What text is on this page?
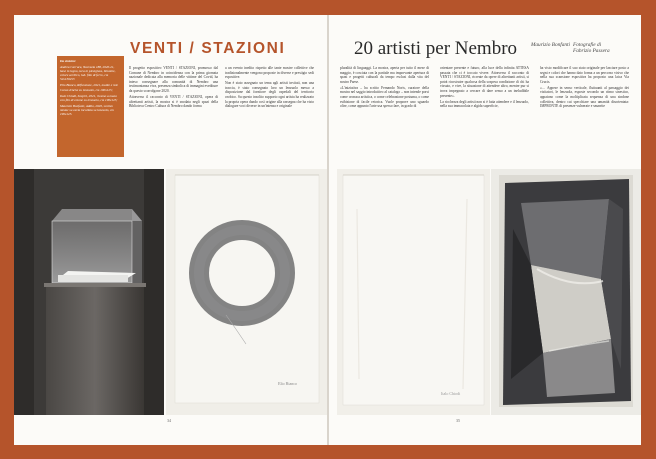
Da sinistra:

Andrea Carrara, Nacrazia 188, 2020-21, base in legno, teca in plexiglass, bitumite, colore acrilico, lab. film di ferro, cm 52x130x53

Elio Bianco, Riflessione, 2021, matite e rete Caran d'Ache su lenzuolo, cm 190x125;

Italo Chiodi, Sospiri, 2021, ricamo a mano con filo di cotone su lenzuolo, cm 190x125;

Maurizio Bonfanti, Addio, 2020, scotten mistac su carta incollata su lenzuolo, cm 190x125.

VENTI / STAZIONI	20 artisti per Nembro	Maurizio Bonfanti Fotografie di
Fabrizio Passera

Il progetto espositivo VENTI / STAZIONI, promosso dal Comune di Nembro in coincidenza con la prima giornata nazionale dedicata alla memoria delle vittime del Covid, ha inteso consegnare alla comunità di Nembro una testimonianza viva, presenza simbolica di immagini evediture da questo scorrolgone 2020.

Attraverso il racconto di VENTI / STAZIONI, opera di altrettanti artisti, la mostra si è snodata negli spazi della Biblioteca Centro Cultura di Nembro dando forma

a un evento inedito rispetto alle tante mostre collettive che tradizionalmente vengono proposte in diverse e prestigio sedi espositive.

Non è stato assegnato un tema agli artisti invitati, non una traccia, è stato consegnato loro un lenzuolo messo a disposizione dal fornitore degli ospedali del territorio orobico. Su questo insolito supporto ogni artista ha realizzato la propria opera dando così origine alla rassegna che ha visto dialogare voci diverse in un'intensa e originale

pluralità di linguaggi. La mostra, aperta per tutto il mese di maggio, è cosciata con la partiale ma imporvante apertura di spazi e progetti culturali da tempo esclusi dalla vita del nostro Paese.

«L'iniziativa – ha scritto Fernando Noris, curatore della mostra nel saggio introduttivo al catalogo – non intende porsi come cronaca artistica, o come celebrazione postuma, o come esibizione di facile retorica. Vuole proporre uno sguardo oltre, come appunto l'arte usa spesso fare, in grado di

orientare presente e futuro, alla luce della infinita ATTESA passata che ci è toccato vivere. Attraverso il racconto di VENTI / STAZIONI, ricreate da opere di altrettanti artisti, si potrà ricostruire qualcosa della sospesa condizione di chi ha vissuto, e vive, la situazione di attendere altro, mentre pur si trova impegnato a cercare di dare senso a un ineludibile presente».

La ricchezza degli artisti non si è fatta attendere e il lenzuolo, nella sua immacolata e algida superficie,

ha visto modificare il suo stato originale per lasciare posto a segni e colori che hanno dato forma a un percorso visivo che nella sua scansione espositiva ha proposto una laica Via Crucis.

«… Appese in senso verticale, fluttuanti al passaggio dei visitatori, le lenzuola, esposte secondo un ritmo sinestico, appaiono come la moltiplicata sequenza di una sindone collettiva, dentro cui specchiare una umanità disorientata: IMPRONTE di presenze vulnerate e smarrite

Elio Bianco
Italo Chiodi
34	35
